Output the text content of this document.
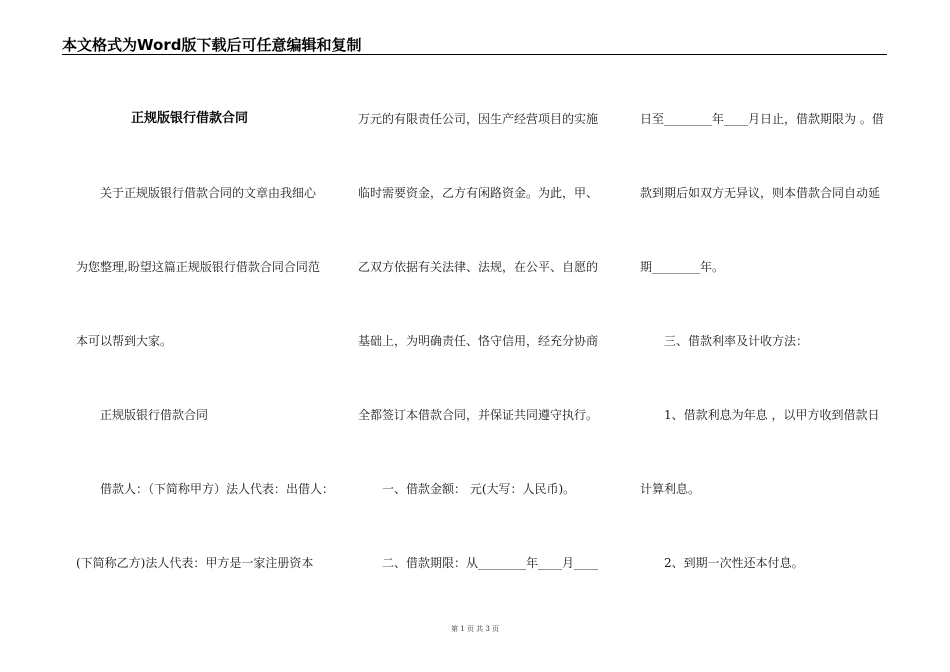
本文格式为Word版下载后可任意编辑和复制
正规版银行借款合同
关于正规版银行借款合同的文章由我细心
为您整理,盼望这篇正规版银行借款合同合同范
本可以帮到大家。
正规版银行借款合同
借款人：（下简称甲方）法人代表：出借人：
(下简称乙方)法人代表：甲方是一家注册资本
万元的有限责任公司，因生产经营项目的实施
临时需要资金，乙方有闲路资金。为此，甲、
乙双方依据有关法律、法规，在公平、自愿的
基础上，为明确责任、恪守信用，经充分协商
全都签订本借款合同，并保证共同遵守执行。
一、借款金额： 元(大写：人民币)。
二、借款期限：从________年____月____
日至________年____月日止，借款期限为 。借
款到期后如双方无异议，则本借款合同自动延
期________年。
三、借款利率及计收方法：
1、借款利息为年息 ，以甲方收到借款日
计算利息。
2、到期一次性还本付息。
第 1 页 共 3 页
